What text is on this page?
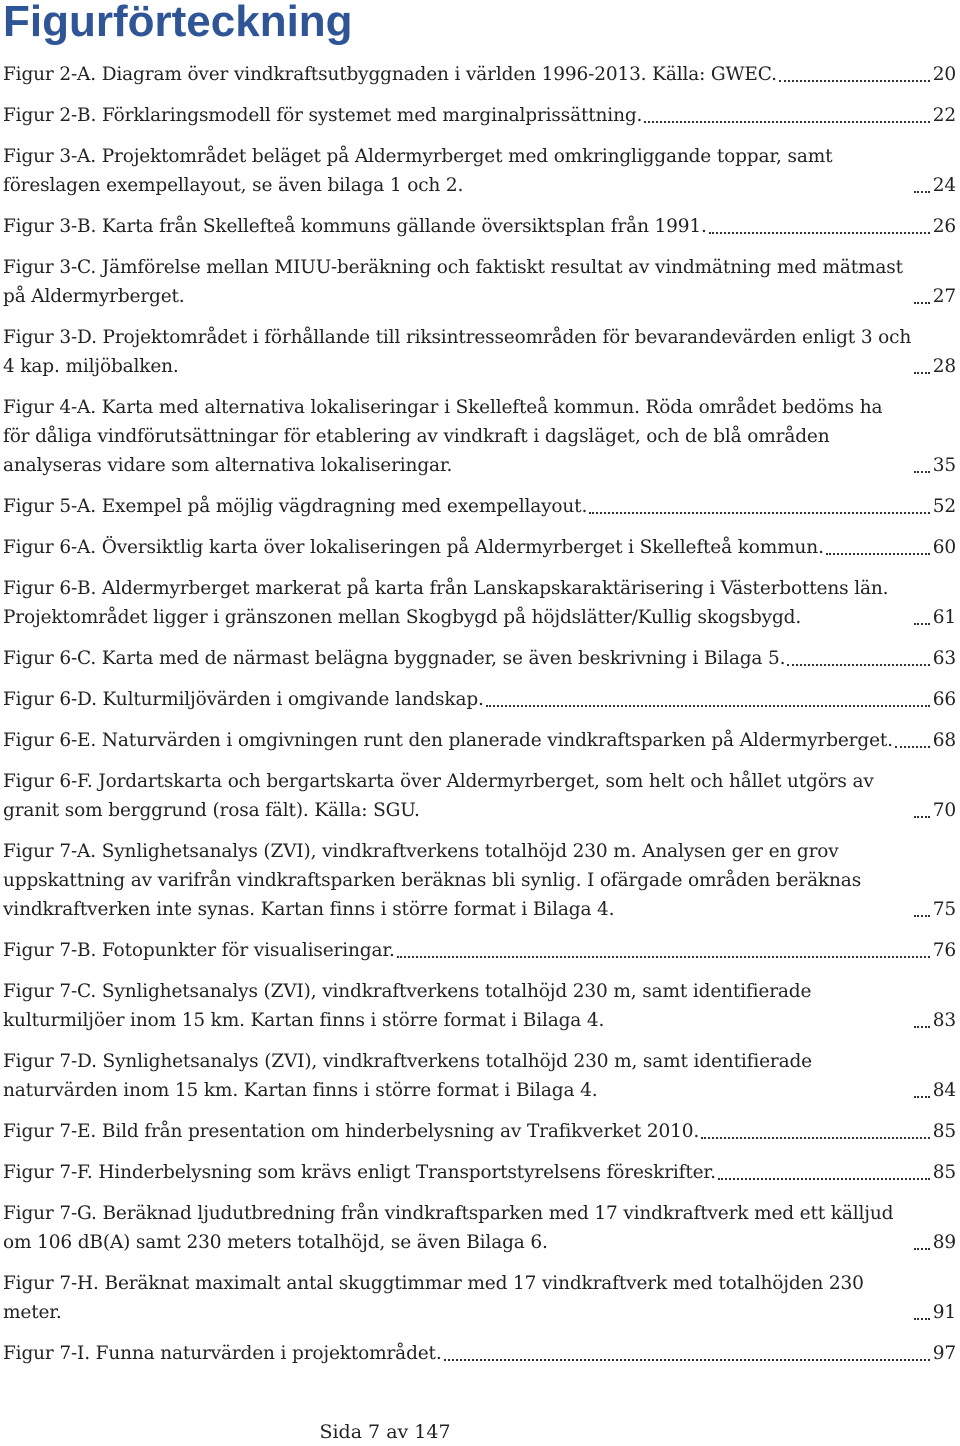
Figurförteckning
Figur 2-A. Diagram över vindkraftsutbyggnaden i världen 1996-2013. Källa: GWEC.	20
Figur 2-B. Förklaringsmodell för systemet med marginalprissättning.	22
Figur 3-A. Projektområdet beläget på Aldermyrberget med omkringliggande toppar, samt föreslagen exempellayout, se även bilaga 1 och 2.	24
Figur 3-B. Karta från Skellefteå kommuns gällande översiktsplan från 1991.	26
Figur 3-C. Jämförelse mellan MIUU-beräkning och faktiskt resultat av vindmätning med mätmast på Aldermyrberget.	27
Figur 3-D. Projektområdet i förhållande till riksintresseområden för bevarandevärden enligt 3 och 4 kap. miljöbalken.	28
Figur 4-A. Karta med alternativa lokaliseringar i Skellefteå kommun. Röda området bedöms ha för dåliga vindförutsättningar för etablering av vindkraft i dagsläget, och de blå områden analyseras vidare som alternativa lokaliseringar.	35
Figur 5-A. Exempel på möjlig vägdragning med exempellayout.	52
Figur 6-A. Översiktlig karta över lokaliseringen på Aldermyrberget i Skellefteå kommun.	60
Figur 6-B. Aldermyrberget markerat på karta från Lanskapskaraktärisering i Västerbottens län. Projektområdet ligger i gränszonen mellan Skogbygd på höjdslätter/Kullig skogsbygd.	61
Figur 6-C. Karta med de närmast belägna byggnader, se även beskrivning i Bilaga 5.	63
Figur 6-D. Kulturmiljövärden i omgivande landskap.	66
Figur 6-E. Naturvärden i omgivningen runt den planerade vindkraftsparken på Aldermyrberget. 68
Figur 6-F. Jordartskarta och bergartskarta över Aldermyrberget, som helt och hållet utgörs av granit som berggrund (rosa fält). Källa: SGU.	70
Figur 7-A. Synlighetsanalys (ZVI), vindkraftverkens totalhöjd 230 m. Analysen ger en grov uppskattning av varifrån vindkraftsparken beräknas bli synlig. I ofärgade områden beräknas vindkraftverken inte synas. Kartan finns i större format i Bilaga 4.	75
Figur 7-B. Fotopunkter för visualiseringar.	76
Figur 7-C. Synlighetsanalys (ZVI), vindkraftverkens totalhöjd 230 m, samt identifierade kulturmiljöer inom 15 km. Kartan finns i större format i Bilaga 4.	83
Figur 7-D. Synlighetsanalys (ZVI), vindkraftverkens totalhöjd 230 m, samt identifierade naturvärden inom 15 km. Kartan finns i större format i Bilaga 4.	84
Figur 7-E. Bild från presentation om hinderbelysning av Trafikverket 2010.	85
Figur 7-F. Hinderbelysning som krävs enligt Transportstyrelsens föreskrifter.	85
Figur 7-G. Beräknad ljudutbredning från vindkraftsparken med 17 vindkraftverk med ett källjud om 106 dB(A) samt 230 meters totalhöjd, se även Bilaga 6.	89
Figur 7-H. Beräknat maximalt antal skuggtimmar med 17 vindkraftverk med totalhöjden 230 meter.	91
Figur 7-I. Funna naturvärden i projektområdet.	97
Sida 7 av 147
